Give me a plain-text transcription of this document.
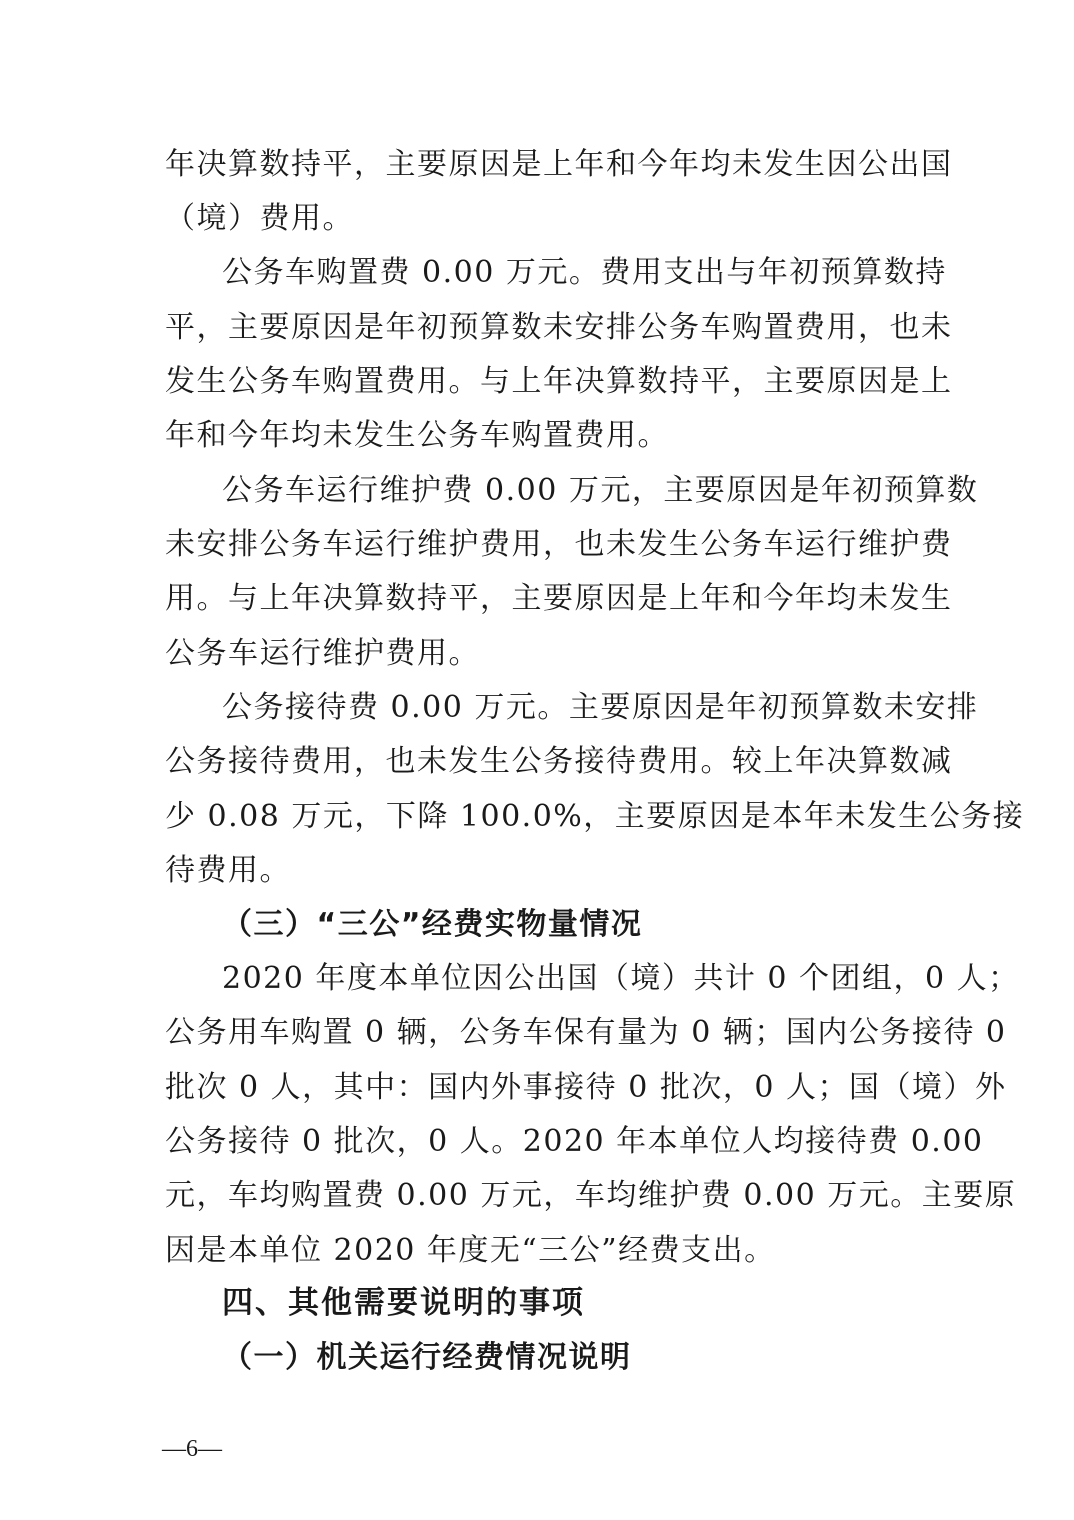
年决算数持平，主要原因是上年和今年均未发生因公出国
（境）费用。
公务车购置费 0.00 万元。费用支出与年初预算数持
平，主要原因是年初预算数未安排公务车购置费用，也未
发生公务车购置费用。与上年决算数持平，主要原因是上
年和今年均未发生公务车购置费用。
公务车运行维护费 0.00 万元，主要原因是年初预算数
未安排公务车运行维护费用，也未发生公务车运行维护费
用。与上年决算数持平，主要原因是上年和今年均未发生
公务车运行维护费用。
公务接待费 0.00 万元。主要原因是年初预算数未安排
公务接待费用，也未发生公务接待费用。较上年决算数减
少 0.08 万元，下降 100.0%，主要原因是本年未发生公务接
待费用。
（三）“三公”经费实物量情况
2020 年度本单位因公出国（境）共计 0 个团组，0 人；
公务用车购置 0 辆，公务车保有量为 0 辆；国内公务接待 0
批次 0 人，其中：国内外事接待 0 批次，0 人；国（境）外
公务接待 0 批次，0 人。2020 年本单位人均接待费 0.00
元，车均购置费 0.00 万元，车均维护费 0.00 万元。主要原
因是本单位 2020 年度无“三公”经费支出。
四、其他需要说明的事项
（一）机关运行经费情况说明
—6—
